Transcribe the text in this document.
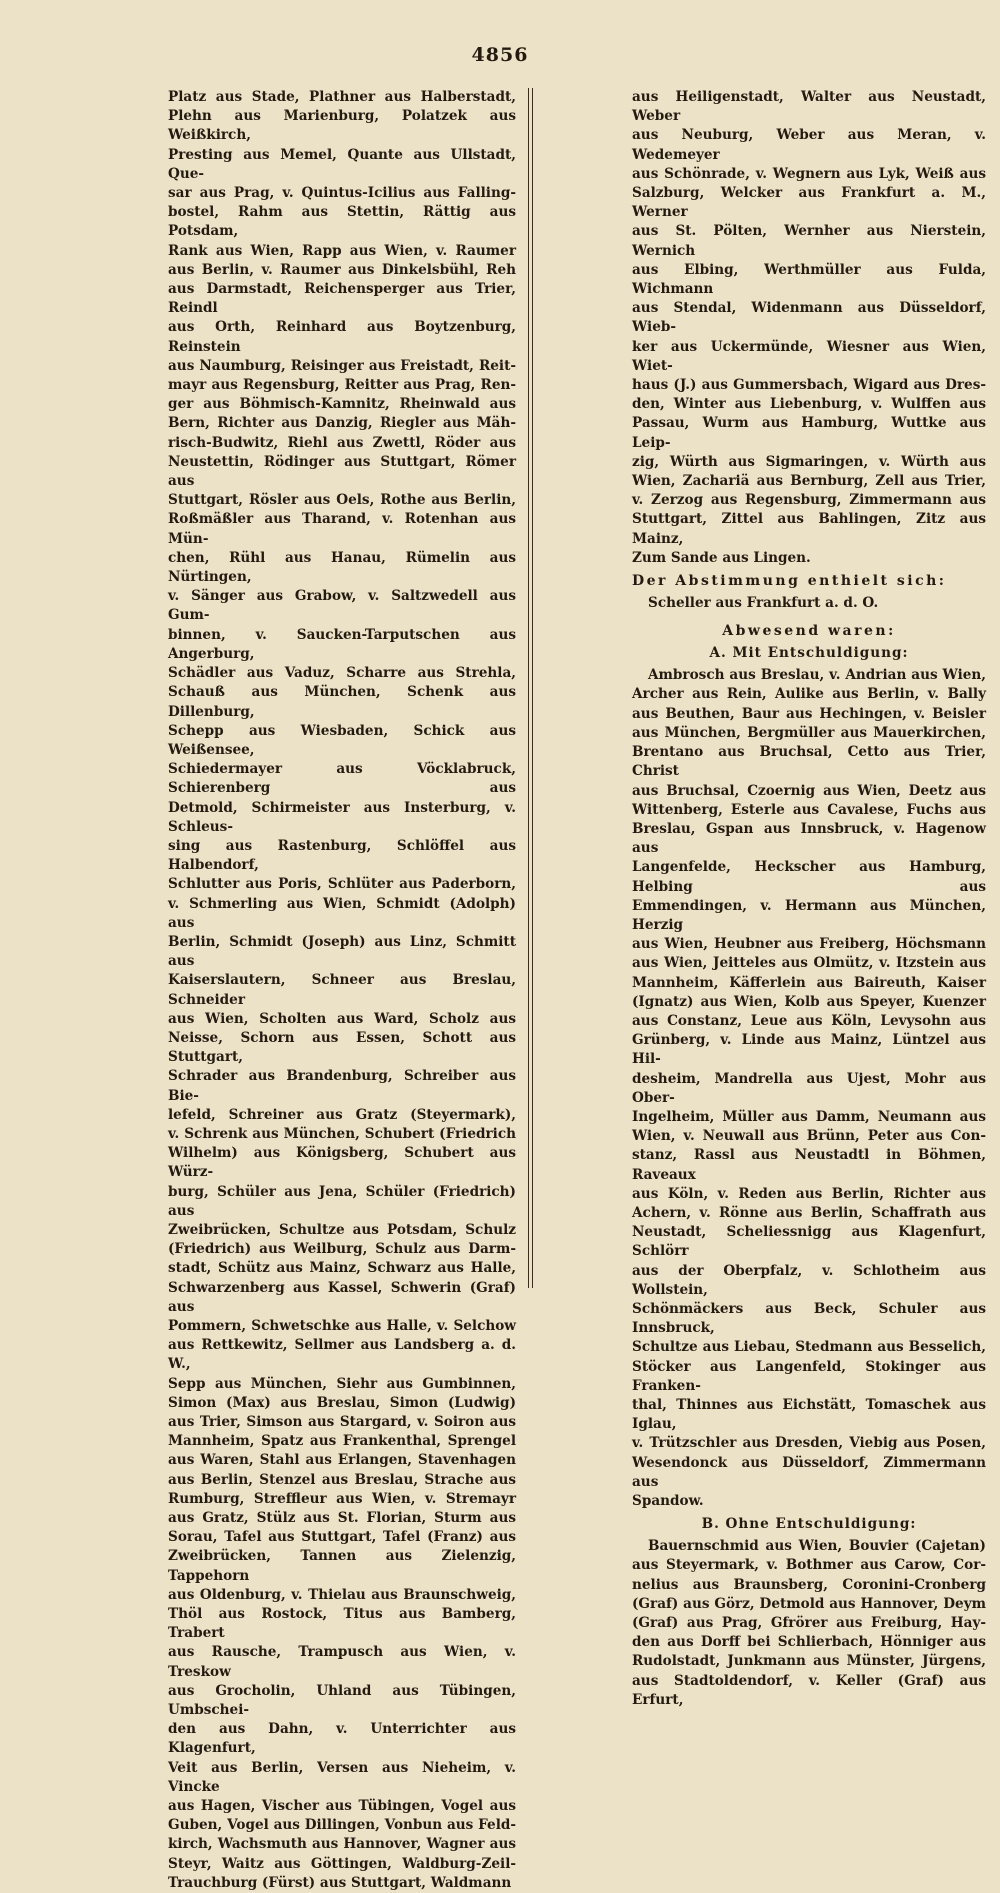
4856

Platz aus Stade, Plathner aus Halberstadt,

Plehn aus Marienburg, Polatzek aus Weißkirch,

Presting aus Memel, Quante aus Ullstadt, Que-

sar aus Prag, v. Quintus-Icilius aus Falling-

bostel, Rahm aus Stettin, Rättig aus Potsdam,

Rank aus Wien, Rapp aus Wien, v. Raumer

aus Berlin, v. Raumer aus Dinkelsbühl, Reh

aus Darmstadt, Reichensperger aus Trier, Reindl

aus Orth, Reinhard aus Boytzenburg, Reinstein

aus Naumburg, Reisinger aus Freistadt, Reit-

mayr aus Regensburg, Reitter aus Prag, Ren-

ger aus Böhmisch-Kamnitz, Rheinwald aus

Bern, Richter aus Danzig, Riegler aus Mäh-

risch-Budwitz, Riehl aus Zwettl, Röder aus

Neustettin, Rödinger aus Stuttgart, Römer aus

Stuttgart, Rösler aus Oels, Rothe aus Berlin,

Roßmäßler aus Tharand, v. Rotenhan aus Mün-

chen, Rühl aus Hanau, Rümelin aus Nürtingen,

v. Sänger aus Grabow, v. Saltzwedell aus Gum-

binnen, v. Saucken-Tarputschen aus Angerburg,

Schädler aus Vaduz, Scharre aus Strehla,

Schauß aus München, Schenk aus Dillenburg,

Schepp aus Wiesbaden, Schick aus Weißensee,

Schiedermayer aus Vöcklabruck, Schierenberg aus

Detmold, Schirmeister aus Insterburg, v. Schleus-

sing aus Rastenburg, Schlöffel aus Halbendorf,

Schlutter aus Poris, Schlüter aus Paderborn,

v. Schmerling aus Wien, Schmidt (Adolph) aus

Berlin, Schmidt (Joseph) aus Linz, Schmitt aus

Kaiserslautern, Schneer aus Breslau, Schneider

aus Wien, Scholten aus Ward, Scholz aus

Neisse, Schorn aus Essen, Schott aus Stuttgart,

Schrader aus Brandenburg, Schreiber aus Bie-

lefeld, Schreiner aus Gratz (Steyermark),

v. Schrenk aus München, Schubert (Friedrich

Wilhelm) aus Königsberg, Schubert aus Würz-

burg, Schüler aus Jena, Schüler (Friedrich) aus

Zweibrücken, Schultze aus Potsdam, Schulz

(Friedrich) aus Weilburg, Schulz aus Darm-

stadt, Schütz aus Mainz, Schwarz aus Halle,

Schwarzenberg aus Kassel, Schwerin (Graf) aus

Pommern, Schwetschke aus Halle, v. Selchow

aus Rettkewitz, Sellmer aus Landsberg a. d. W.,

Sepp aus München, Siehr aus Gumbinnen,

Simon (Max) aus Breslau, Simon (Ludwig)

aus Trier, Simson aus Stargard, v. Soiron aus

Mannheim, Spatz aus Frankenthal, Sprengel

aus Waren, Stahl aus Erlangen, Stavenhagen

aus Berlin, Stenzel aus Breslau, Strache aus

Rumburg, Streffleur aus Wien, v. Stremayr

aus Gratz, Stülz aus St. Florian, Sturm aus

Sorau, Tafel aus Stuttgart, Tafel (Franz) aus

Zweibrücken, Tannen aus Zielenzig, Tappehorn

aus Oldenburg, v. Thielau aus Braunschweig,

Thöl aus Rostock, Titus aus Bamberg, Trabert

aus Rausche, Trampusch aus Wien, v. Treskow

aus Grocholin, Uhland aus Tübingen, Umbschei-

den aus Dahn, v. Unterrichter aus Klagenfurt,

Veit aus Berlin, Versen aus Nieheim, v. Vincke

aus Hagen, Vischer aus Tübingen, Vogel aus

Guben, Vogel aus Dillingen, Vonbun aus Feld-

kirch, Wachsmuth aus Hannover, Wagner aus

Steyr, Waitz aus Göttingen, Waldburg-Zeil-

Trauchburg (Fürst) aus Stuttgart, Waldmann

aus Heiligenstadt, Walter aus Neustadt, Weber

aus Neuburg, Weber aus Meran, v. Wedemeyer

aus Schönrade, v. Wegnern aus Lyk, Weiß aus

Salzburg, Welcker aus Frankfurt a. M., Werner

aus St. Pölten, Wernher aus Nierstein, Wernich

aus Elbing, Werthmüller aus Fulda, Wichmann

aus Stendal, Widenmann aus Düsseldorf, Wieb-

ker aus Uckermünde, Wiesner aus Wien, Wiet-

haus (J.) aus Gummersbach, Wigard aus Dres-

den, Winter aus Liebenburg, v. Wulffen aus

Passau, Wurm aus Hamburg, Wuttke aus Leip-

zig, Würth aus Sigmaringen, v. Würth aus

Wien, Zachariä aus Bernburg, Zell aus Trier,

v. Zerzog aus Regensburg, Zimmermann aus

Stuttgart, Zittel aus Bahlingen, Zitz aus Mainz,

Zum Sande aus Lingen.

Der Abstimmung enthielt sich:

Scheller aus Frankfurt a. d. O.

Abwesend waren:
A. Mit Entschuldigung:

Ambrosch aus Breslau, v. Andrian aus Wien,

Archer aus Rein, Aulike aus Berlin, v. Bally

aus Beuthen, Baur aus Hechingen, v. Beisler

aus München, Bergmüller aus Mauerkirchen,

Brentano aus Bruchsal, Cetto aus Trier, Christ

aus Bruchsal, Czoernig aus Wien, Deetz aus

Wittenberg, Esterle aus Cavalese, Fuchs aus

Breslau, Gspan aus Innsbruck, v. Hagenow aus

Langenfelde, Heckscher aus Hamburg, Helbing aus

Emmendingen, v. Hermann aus München, Herzig

aus Wien, Heubner aus Freiberg, Höchsmann

aus Wien, Jeitteles aus Olmütz, v. Itzstein aus

Mannheim, Käfferlein aus Baireuth, Kaiser

(Ignatz) aus Wien, Kolb aus Speyer, Kuenzer

aus Constanz, Leue aus Köln, Levysohn aus

Grünberg, v. Linde aus Mainz, Lüntzel aus Hil-

desheim, Mandrella aus Ujest, Mohr aus Ober-

Ingelheim, Müller aus Damm, Neumann aus

Wien, v. Neuwall aus Brünn, Peter aus Con-

stanz, Rassl aus Neustadtl in Böhmen, Raveaux

aus Köln, v. Reden aus Berlin, Richter aus

Achern, v. Rönne aus Berlin, Schaffrath aus

Neustadt, Scheliessnigg aus Klagenfurt, Schlörr

aus der Oberpfalz, v. Schlotheim aus Wollstein,

Schönmäckers aus Beck, Schuler aus Innsbruck,

Schultze aus Liebau, Stedmann aus Besselich,

Stöcker aus Langenfeld, Stokinger aus Franken-

thal, Thinnes aus Eichstätt, Tomaschek aus Iglau,

v. Trützschler aus Dresden, Viebig aus Posen,

Wesendonck aus Düsseldorf, Zimmermann aus

Spandow.

B. Ohne Entschuldigung:

Bauernschmid aus Wien, Bouvier (Cajetan)

aus Steyermark, v. Bothmer aus Carow, Cor-

nelius aus Braunsberg, Coronini-Cronberg

(Graf) aus Görz, Detmold aus Hannover, Deym

(Graf) aus Prag, Gfrörer aus Freiburg, Hay-

den aus Dorff bei Schlierbach, Hönniger aus

Rudolstadt, Junkmann aus Münster, Jürgens,

aus Stadtoldendorf, v. Keller (Graf) aus Erfurt,
